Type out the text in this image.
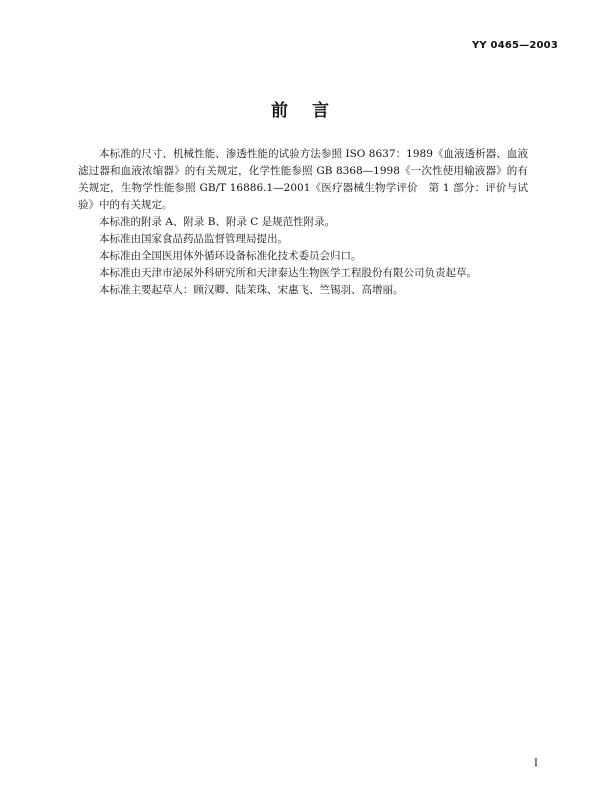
YY 0465—2003
前言

本标准的尺寸、机械性能、渗透性能的试验方法参照 ISO 8637：1989《血液透析器、血液滤过器和血液浓缩器》的有关规定，化学性能参照 GB 8368—1998《一次性使用输液器》的有关规定，生物学性能参照 GB/T 16886.1—2001《医疗器械生物学评价　第 1 部分：评价与试验》中的有关规定。

本标准的附录 A、附录 B、附录 C 是规范性附录。

本标准由国家食品药品监督管理局提出。

本标准由全国医用体外循环设备标准化技术委员会归口。

本标准由天津市泌尿外科研究所和天津泰达生物医学工程股份有限公司负责起草。

本标准主要起草人：顾汉卿、陆茉珠、宋惠飞、竺锡羽、高增丽。

Ⅰ
